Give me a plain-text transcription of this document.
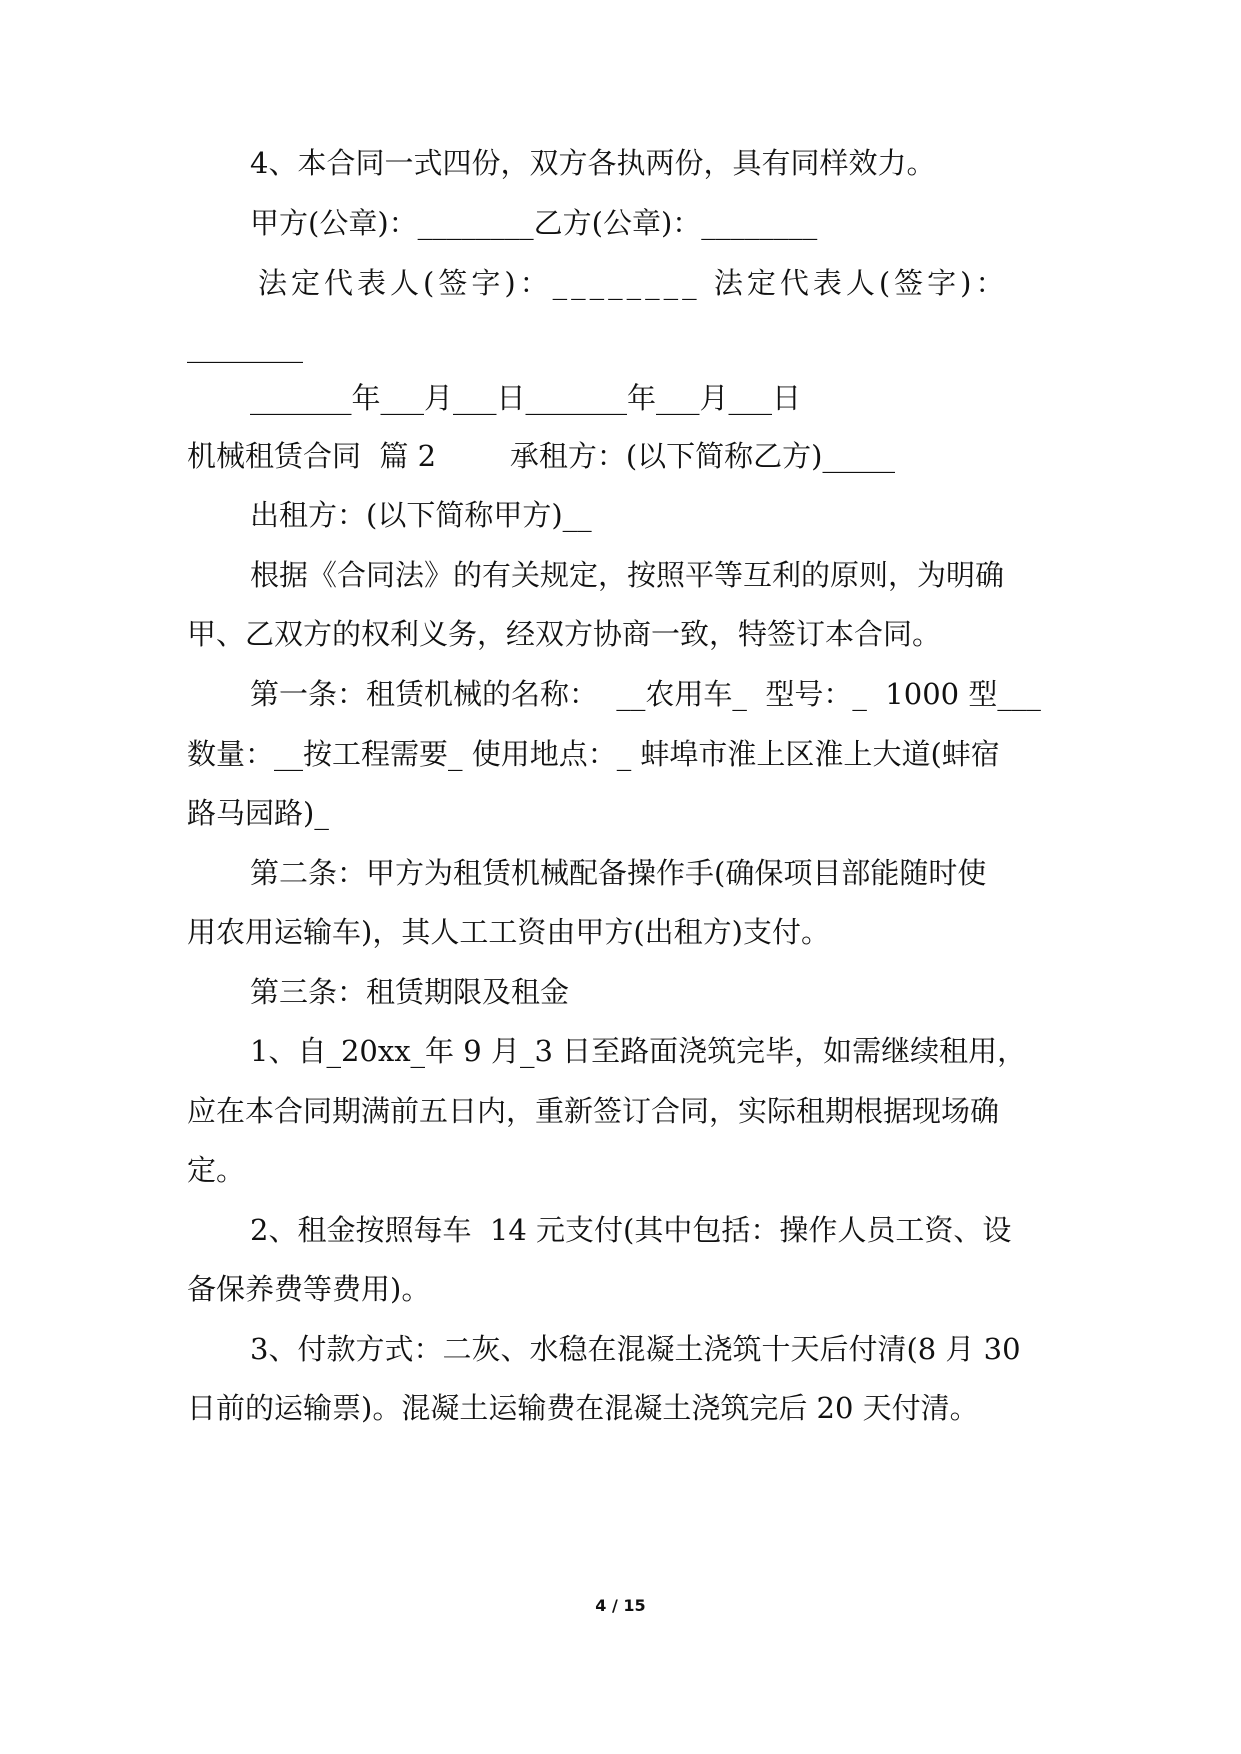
4、本合同一式四份，双方各执两份，具有同样效力。
甲方(公章)：________乙方(公章)：________
法定代表人(签字)：________ 法定代表人(签字)：
________
_______年___月___日_______年___月___日
机械租赁合同  篇 2        承租方：(以下简称乙方)_____
出租方：(以下简称甲方)__
根据《合同法》的有关规定，按照平等互利的原则，为明确
甲、乙双方的权利义务，经双方协商一致，特签订本合同。
第一条：租赁机械的名称：  __农用车_  型号：_  1000 型___
数量：__按工程需要_ 使用地点：_ 蚌埠市淮上区淮上大道(蚌宿
路马园路)_
第二条：甲方为租赁机械配备操作手(确保项目部能随时使
用农用运输车)，其人工工资由甲方(出租方)支付。
第三条：租赁期限及租金
1、自_20xx_年 9 月_3 日至路面浇筑完毕，如需继续租用，
应在本合同期满前五日内，重新签订合同，实际租期根据现场确
定。
2、租金按照每车  14 元支付(其中包括：操作人员工资、设
备保养费等费用)。
3、付款方式：二灰、水稳在混凝土浇筑十天后付清(8 月 30
日前的运输票)。混凝土运输费在混凝土浇筑完后 20 天付清。
4 / 15
